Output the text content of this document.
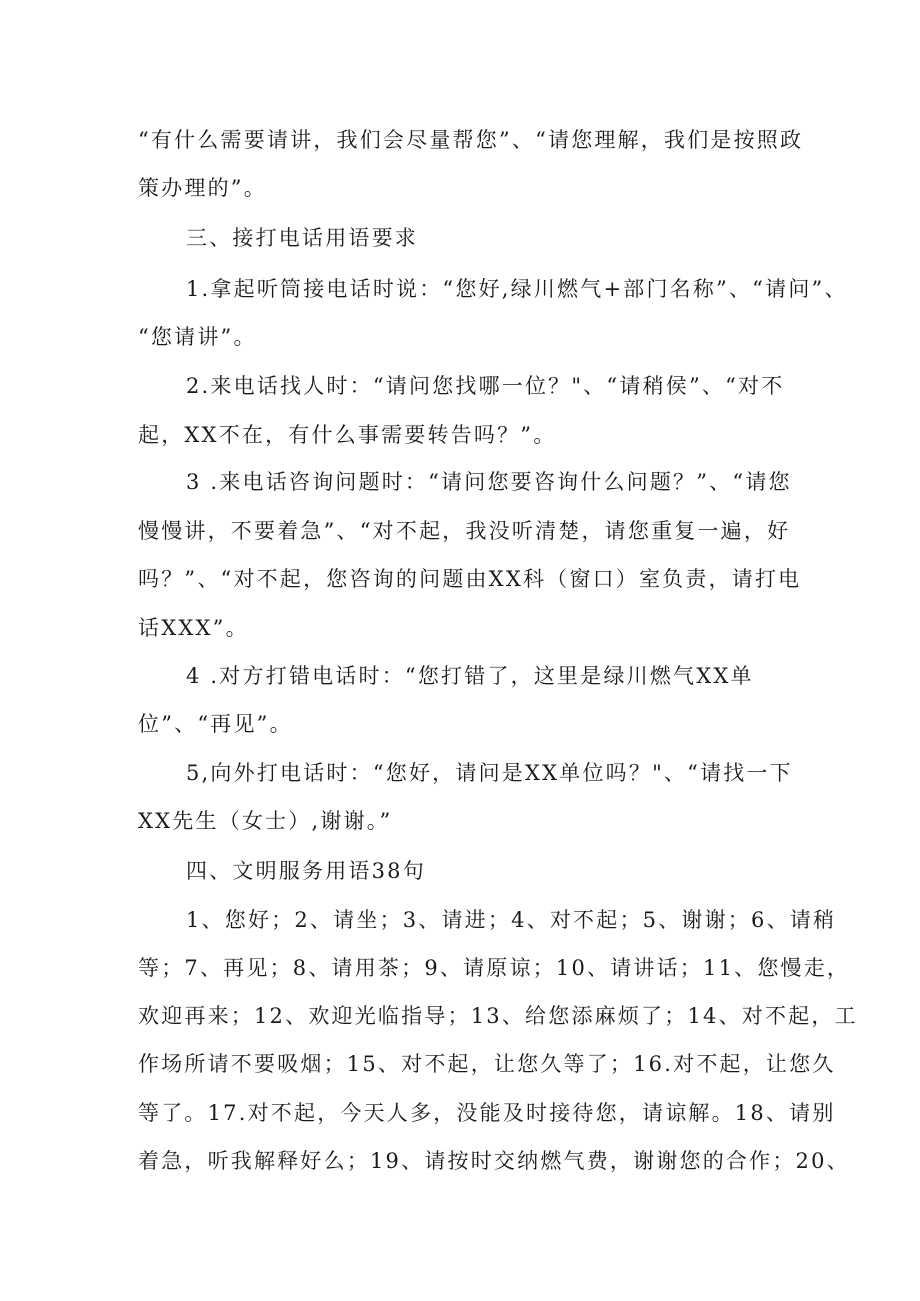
“有什么需要请讲，我们会尽量帮您”、“请您理解，我们是按照政
策办理的”。
三、接打电话用语要求
1.拿起听筒接电话时说：“您好,绿川燃气+部门名称”、“请问”、
“您请讲”。
2.来电话找人时：“请问您找哪一位？"、“请稍侯”、“对不
起，XX不在，有什么事需要转告吗？”。
3 .来电话咨询问题时：“请问您要咨询什么问题？”、“请您
慢慢讲，不要着急”、“对不起，我没听清楚，请您重复一遍，好
吗？”、“对不起，您咨询的问题由XX科（窗口）室负责，请打电
话XXX”。
4 .对方打错电话时：“您打错了，这里是绿川燃气XX单
位”、“再见”。
5,向外打电话时：“您好，请问是XX单位吗？"、“请找一下
XX先生（女士）,谢谢。”
四、文明服务用语38句
1、您好；2、请坐；3、请进；4、对不起；5、谢谢；6、请稍
等；7、再见；8、请用茶；9、请原谅；10、请讲话；11、您慢走，
欢迎再来；12、欢迎光临指导；13、给您添麻烦了；14、对不起，工
作场所请不要吸烟；15、对不起，让您久等了；16.对不起，让您久
等了。17.对不起，今天人多，没能及时接待您，请谅解。18、请别
着急，听我解释好么；19、请按时交纳燃气费，谢谢您的合作；20、
